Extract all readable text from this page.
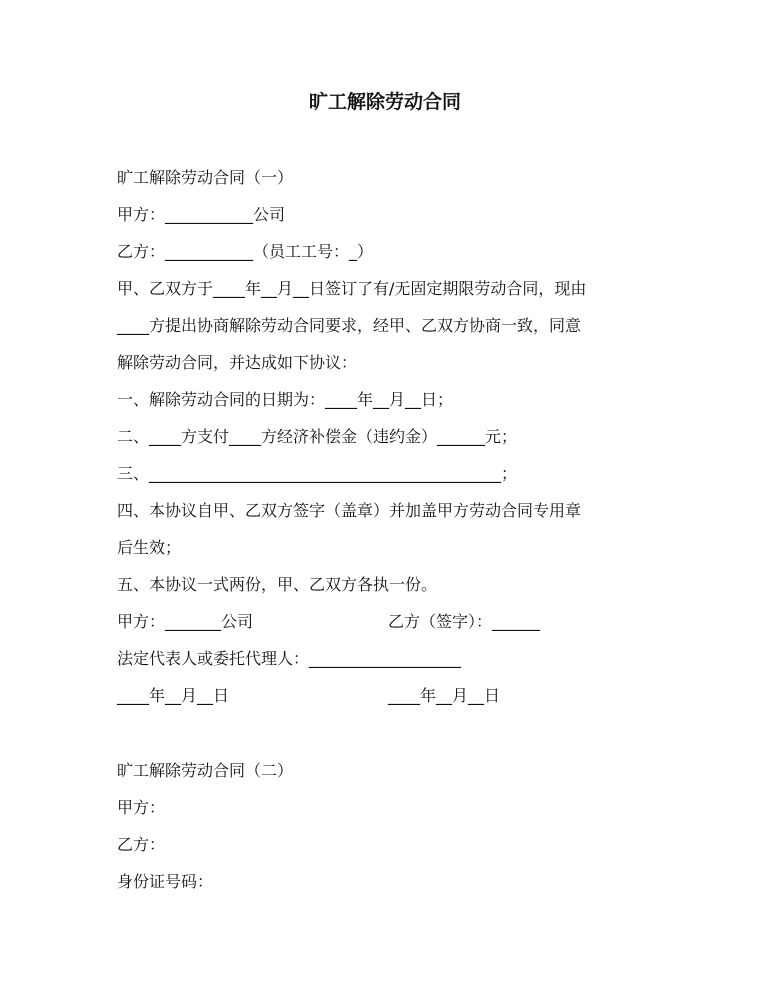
旷工解除劳动合同
旷工解除劳动合同（一）
甲方：___________公司
乙方：___________（员工工号：_）
甲、乙双方于____年__月__日签订了有/无固定期限劳动合同，现由
____方提出协商解除劳动合同要求，经甲、乙双方协商一致，同意
解除劳动合同，并达成如下协议：
一、解除劳动合同的日期为：____年__月__日；
二、____方支付____方经济补偿金（违约金）______元；
三、____________________________________________；
四、本协议自甲、乙双方签字（盖章）并加盖甲方劳动合同专用章
后生效；
五、本协议一式两份，甲、乙双方各执一份。
甲方：_______公司	乙方（签字）：______
法定代表人或委托代理人：___________________
____年__月__日	____年__月__日
旷工解除劳动合同（二）
甲方：
乙方：
身份证号码：
